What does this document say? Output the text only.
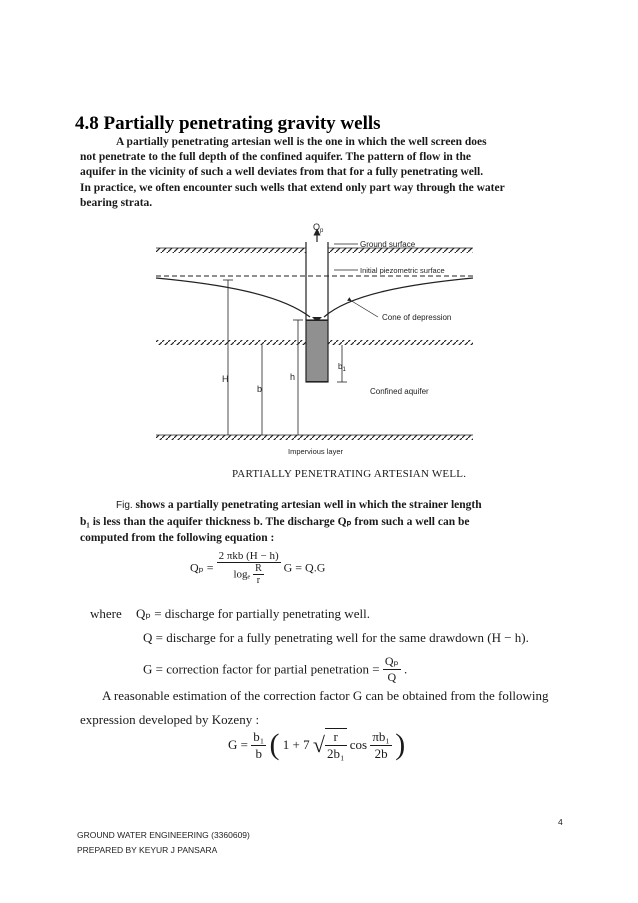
4.8 Partially penetrating gravity wells
A partially penetrating artesian well is the one in which the well screen does
not penetrate to the full depth of the confined aquifer. The pattern of flow in the
aquifer in the vicinity of such a well deviates from that for a fully penetrating well.
In practice, we often encounter such wells that extend only part way through the water
bearing strata.
$Q_p$
Ground surface
Initial piezometric surface
Cone of depression
$b_1$
Confined aquifer
H
b
h
Impervious layer
PARTIALLY PENETRATING ARTESIAN WELL.
Fig. shows a partially penetrating artesian well in which the strainer length
b₁ is less than the aquifer thickness b. The discharge Qₚ from such a well can be
computed from the following equation :
$Q_p = \frac{\text{2 πkb (H − h)}}{\log_e \frac{R}{r}}$ G = Q.G
where Qₚ = discharge for partially penetrating well.
Q = discharge for a fully penetrating well for the same drawdown (H − h).
G = correction factor for partial penetration = $\frac{\text{Qₚ}}{Q}$ .
A reasonable estimation of the correction factor G can be obtained from the following
expression developed by Kozeny :
$G = \frac{\text{b₁}}{b}$ ( 1 + 7 √ $\frac{r}{\text{2b₁}}$ $\cos \frac{\text{πb₁}}{2b}$ )
4
GROUND WATER ENGINEERING (3360609)
PREPARED BY KEYUR J PANSARA
